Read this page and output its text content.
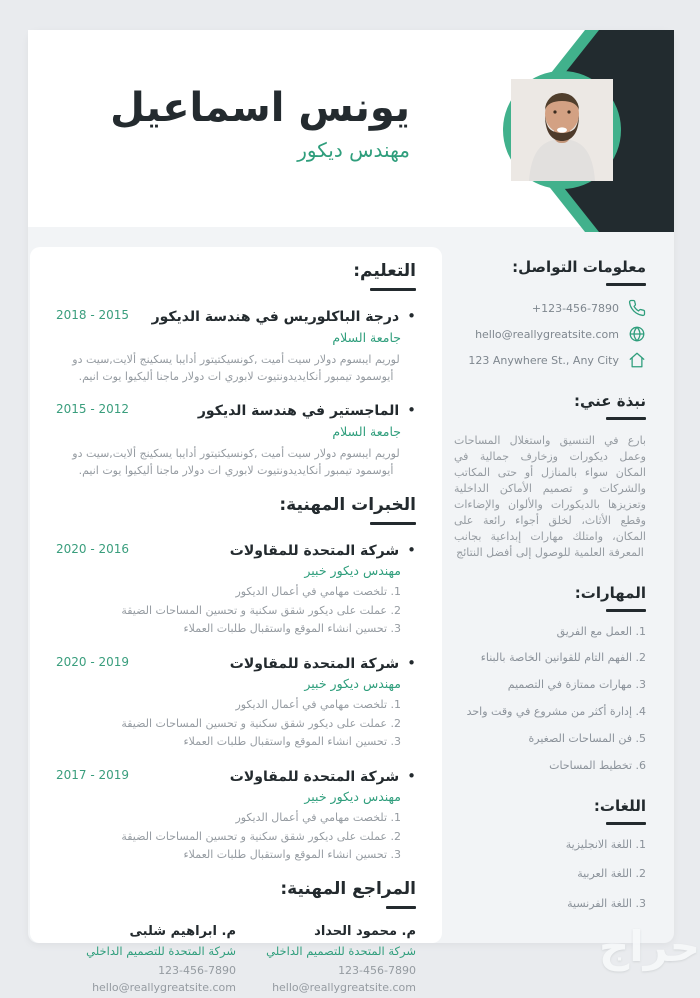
يونس اسماعيل
مهندس ديكور
التعليم:
•درجة الباكلوريس في هندسة الديكور
2015 - 2018
جامعة السلام
لوريم ايبسوم دولار سيت أميت ,كونسيكتيتور أدايبا يسكينج ألايت,سيت دو أيوسمود تيمبور أنكايديدونتيوت لابوري ات دولار ماجنا أليكيوا يوت انيم.
•الماجستير في هندسة الديكور
2012 - 2015
جامعة السلام
لوريم ايبسوم دولار سيت أميت ,كونسيكتيتور أدايبا يسكينج ألايت,سيت دو أيوسمود تيمبور أنكايديدونتيوت لابوري ات دولار ماجنا أليكيوا يوت انيم.
الخبرات المهنية:
•شركة المتحدة للمقاولات
2016 - 2020
مهندس ديكور خبير
1. تلخصت مهامي في أعمال الديكور
2. عملت على ديكور شقق سكنية و تحسين المساحات الضيقة
3. تحسين انشاء الموقع واستقبال طلبات العملاء
•شركة المتحدة للمقاولات
2019 - 2020
مهندس ديكور خبير
1. تلخصت مهامي في أعمال الديكور
2. عملت على ديكور شقق سكنية و تحسين المساحات الضيقة
3. تحسين انشاء الموقع واستقبال طلبات العملاء
•شركة المتحدة للمقاولات
2019 - 2017
مهندس ديكور خبير
1. تلخصت مهامي في أعمال الديكور
2. عملت على ديكور شقق سكنية و تحسين المساحات الضيقة
3. تحسين انشاء الموقع واستقبال طلبات العملاء
المراجع المهنية:
م. محمود الحداد
شركة المتحدة للتصميم الداخلي
123-456-7890
hello@reallygreatsite.com
م. ابراهيم شلبى
شركة المتحدة للتصميم الداخلي
123-456-7890
hello@reallygreatsite.com
معلومات التواصل:
+123-456-7890
hello@reallygreatsite.com
123 Anywhere St., Any City
نبذة عني:
بارع في التنسيق واستغلال المساحات وعمل ديكورات وزخارف جمالية في المكان سواء بالمنازل أو حتى المكاتب والشركات و تصميم الأماكن الداخلية وتعزيزها بالديكورات والألوان والإضاءات وقطع الأثاث، لخلق أجواء رائعة على المكان، وامتلك مهارات إبداعية بجانب المعرفة العلمية للوصول إلى أفضل النتائج
المهارات:
1. العمل مع الفريق
2. الفهم التام للقوانين الخاصة بالبناء
3. مهارات ممتازة في التصميم
4. إدارة أكثر من مشروع في وقت واحد
5. فن المساحات الصغيرة
6. تخطيط المساحات
اللغات:
1. اللغة الانجليزية
2. اللغة العربية
3. اللغة الفرنسية
حراج
